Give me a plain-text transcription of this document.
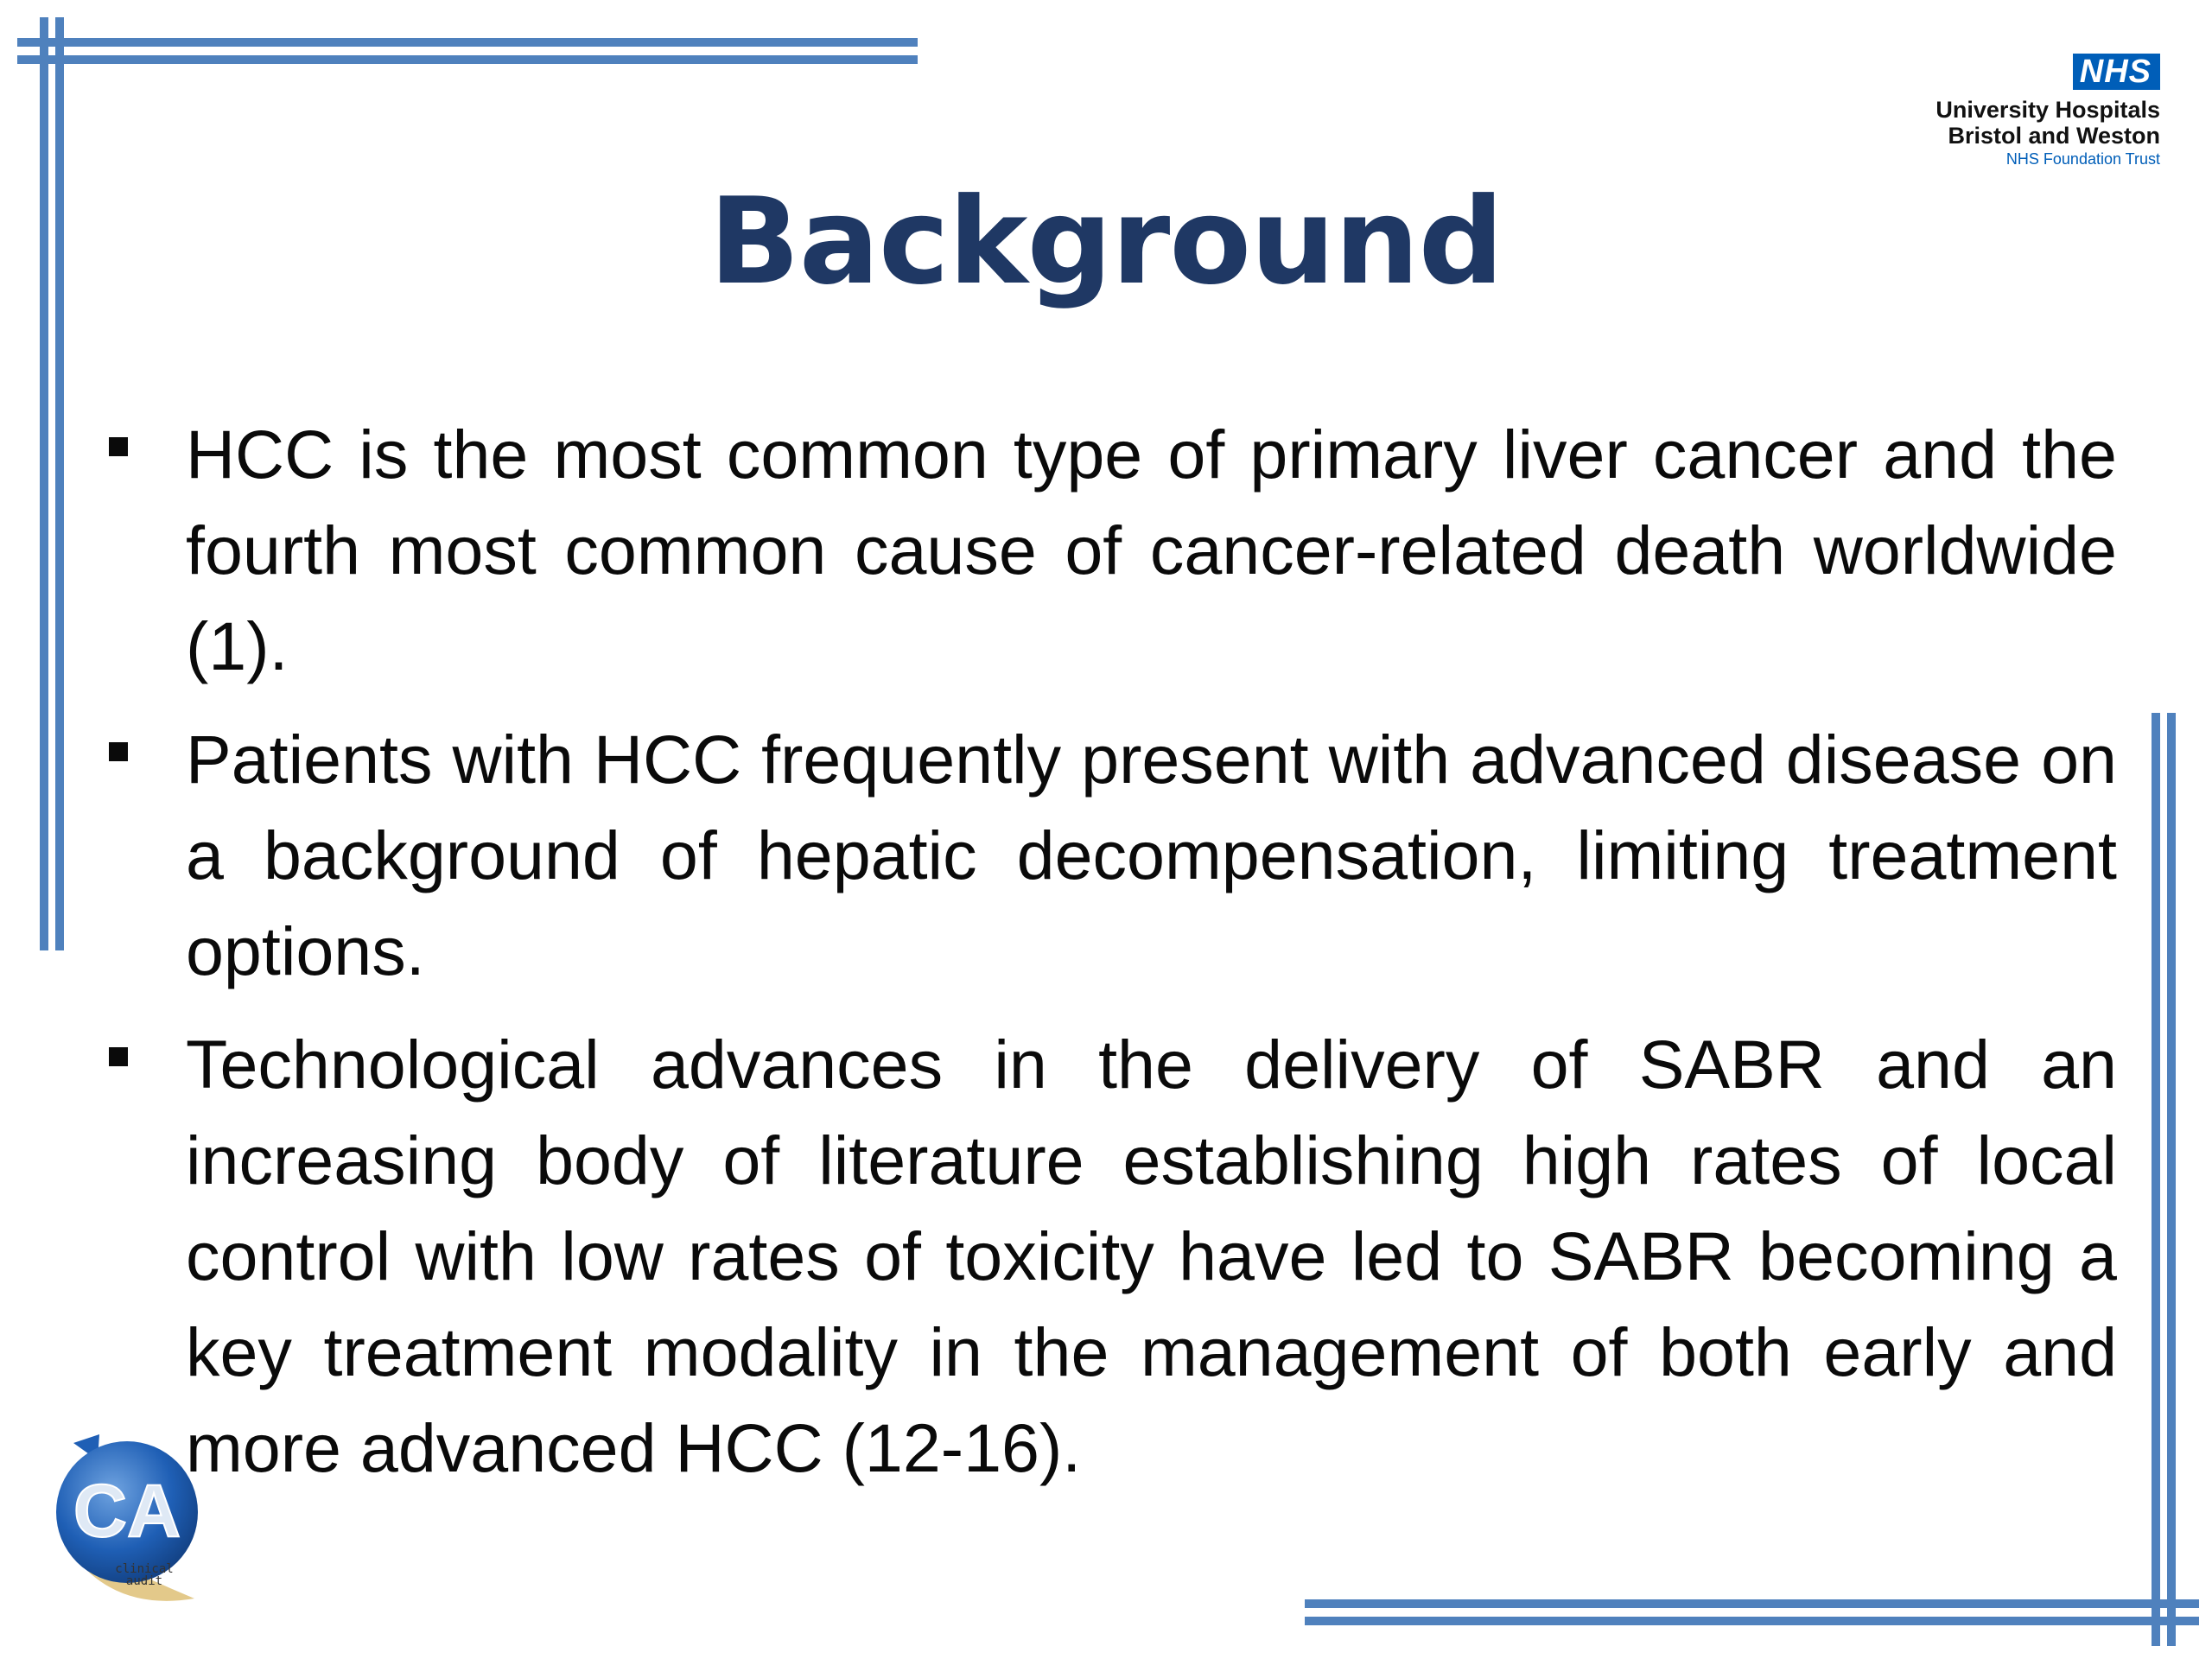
NHS
University Hospitals
Bristol and Weston
NHS Foundation Trust
Background
HCC is the most common type of primary liver cancer and the fourth most common cause of cancer-related death worldwide (1).
Patients with HCC frequently present with advanced disease on a background of hepatic decompensation, limiting treatment options.
Technological advances in the delivery of SABR and an increasing body of literature establishing high rates of local control with low rates of toxicity have led to SABR becoming a key treatment modality in the management of both early and more advanced HCC (12-16).
CA
clinical
audit
